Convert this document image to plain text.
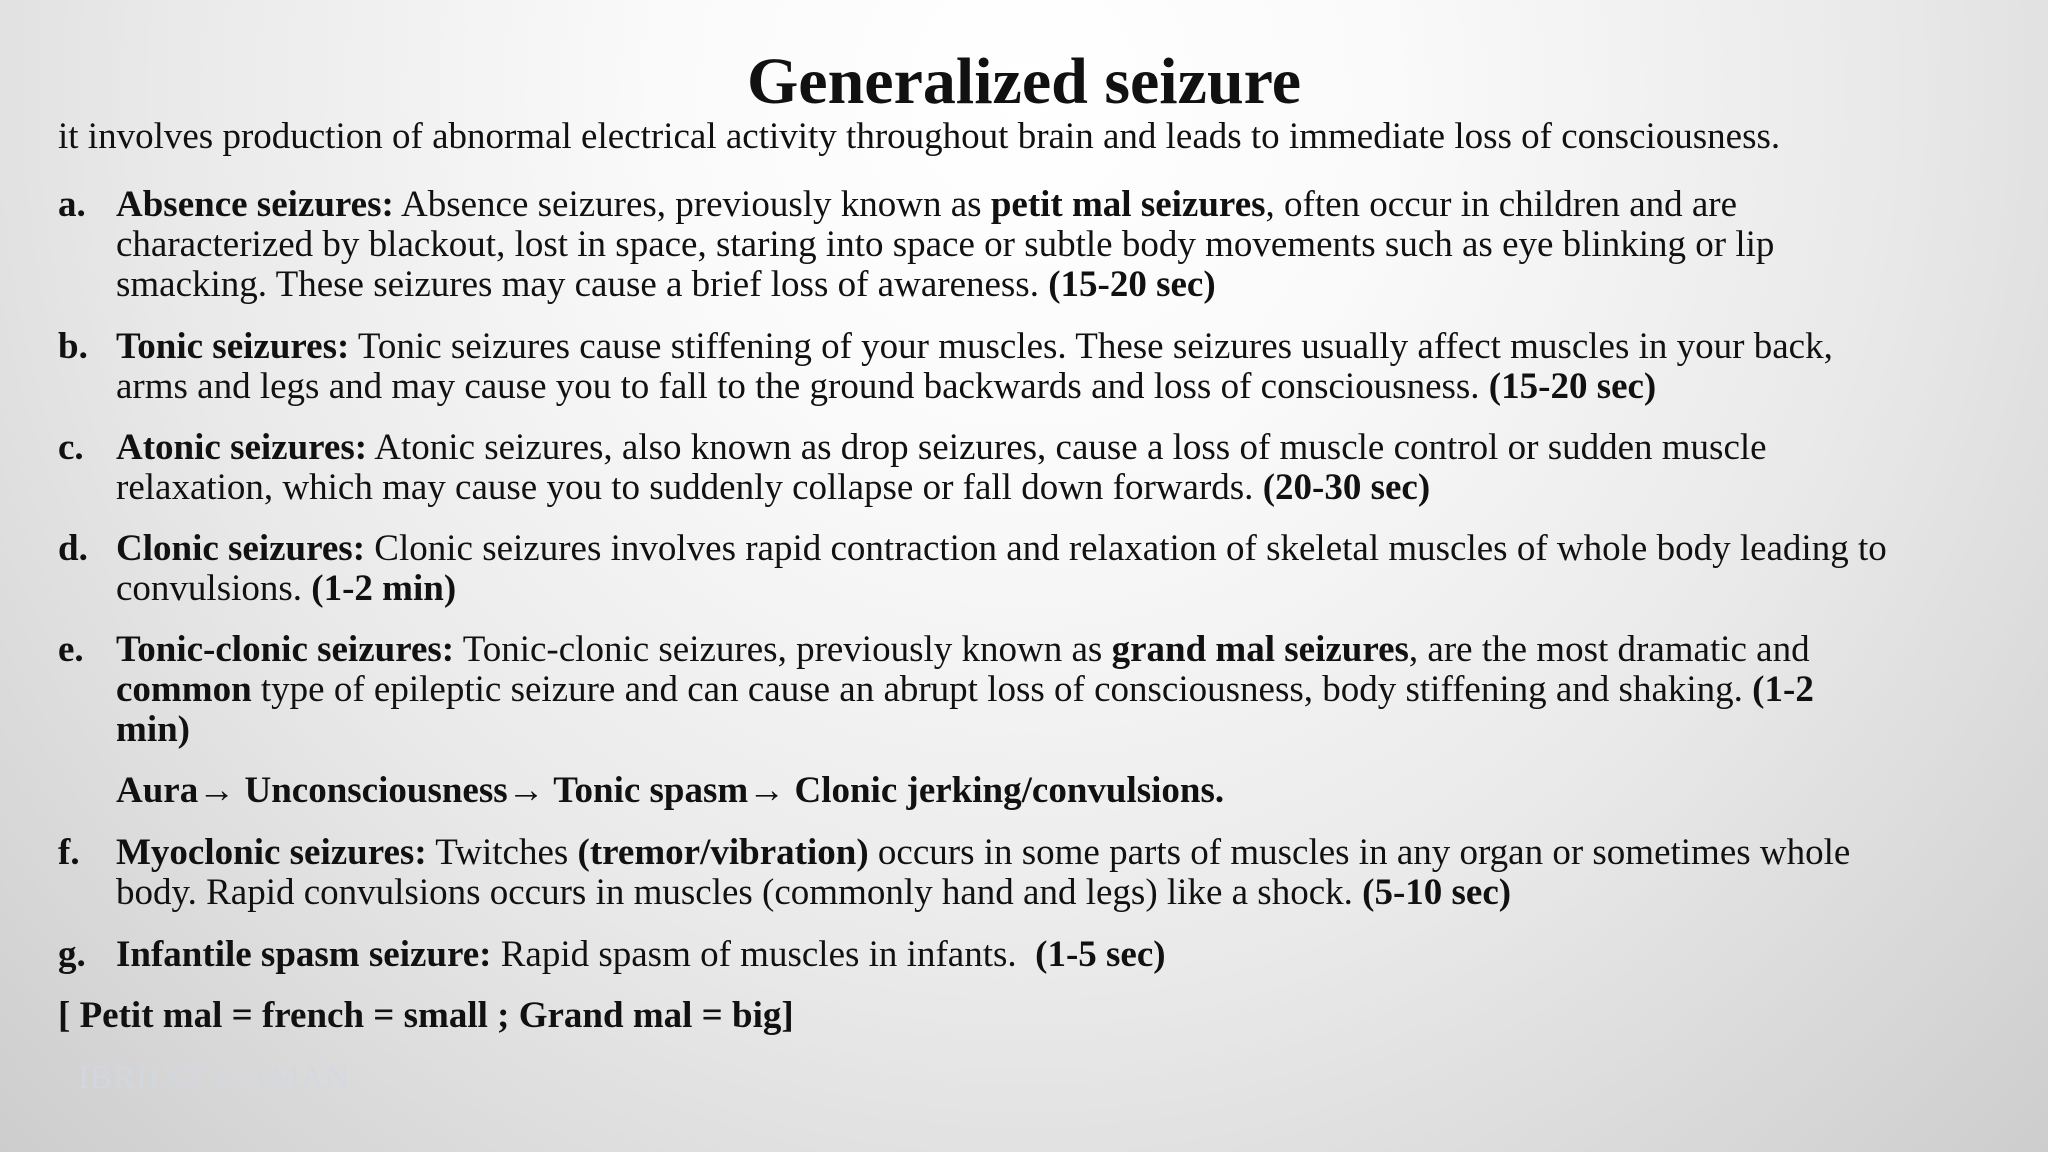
Generalized seizure

it involves production of abnormal electrical activity throughout brain and leads to immediate loss of consciousness.

a. Absence seizures: Absence seizures, previously known as petit mal seizures, often occur in children and are
characterized by blackout, lost in space, staring into space or subtle body movements such as eye blinking or lip
smacking. These seizures may cause a brief loss of awareness. (15-20 sec)
b. Tonic seizures: Tonic seizures cause stiffening of your muscles. These seizures usually affect muscles in your back,
arms and legs and may cause you to fall to the ground backwards and loss of consciousness. (15-20 sec)
c. Atonic seizures: Atonic seizures, also known as drop seizures, cause a loss of muscle control or sudden muscle
relaxation, which may cause you to suddenly collapse or fall down forwards. (20-30 sec)
d. Clonic seizures: Clonic seizures involves rapid contraction and relaxation of skeletal muscles of whole body leading to
convulsions. (1-2 min)
e. Tonic-clonic seizures: Tonic-clonic seizures, previously known as grand mal seizures, are the most dramatic and
common type of epileptic seizure and can cause an abrupt loss of consciousness, body stiffening and shaking. (1-2
min)
Aura→ Unconsciousness→ Tonic spasm→ Clonic jerking/convulsions.
f. Myoclonic seizures: Twitches (tremor/vibration) occurs in some parts of muscles in any organ or sometimes whole
body. Rapid convulsions occurs in muscles (commonly hand and legs) like a shock. (5-10 sec)
g. Infantile spasm seizure: Rapid spasm of muscles in infants.  (1-5 sec)

[ Petit mal = french = small ; Grand mal = big]

IBRIIX7 © AMAN
